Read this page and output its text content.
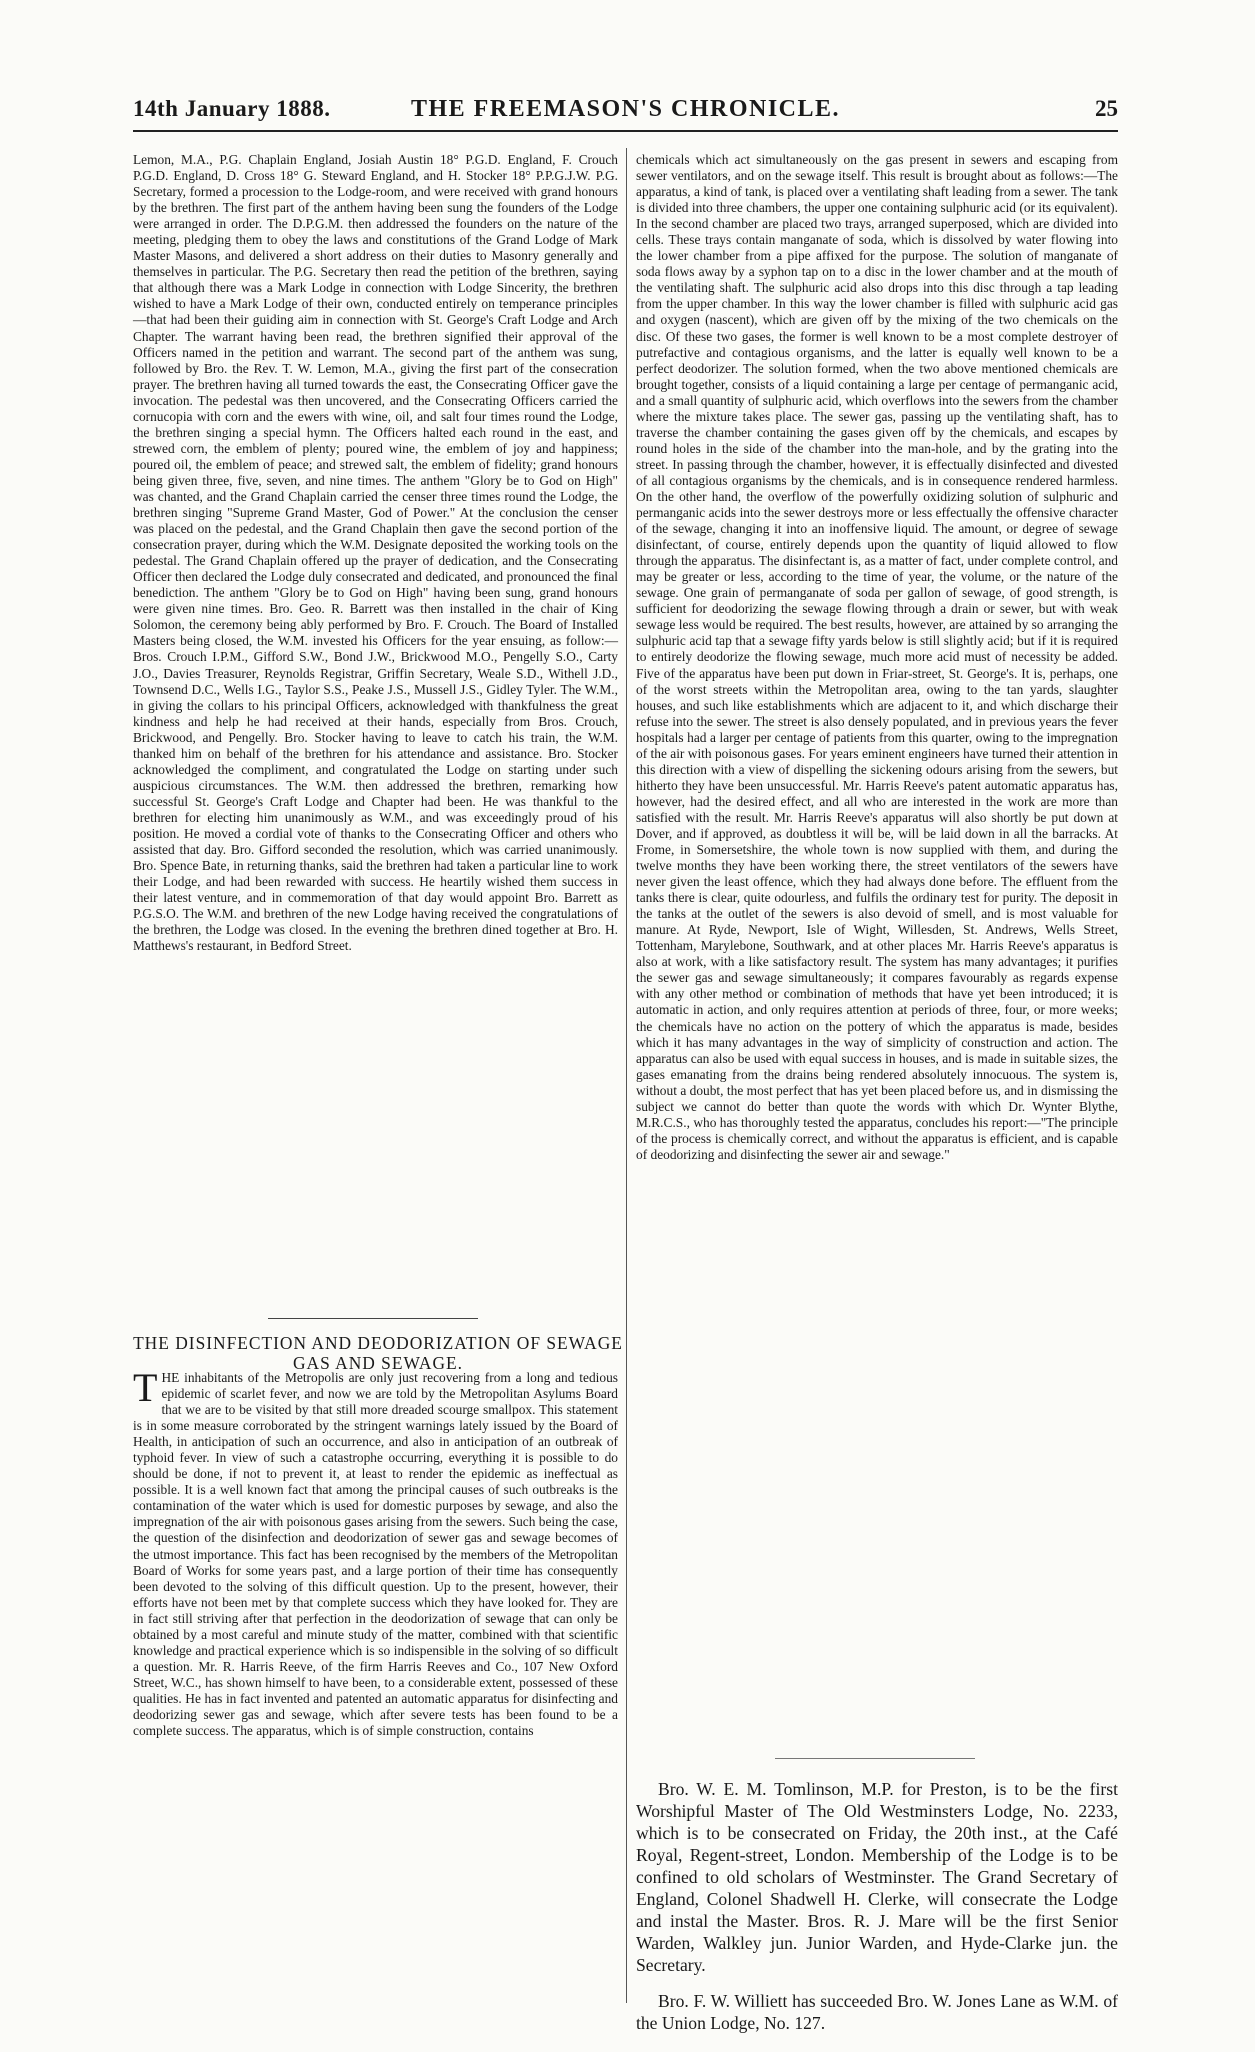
14th January 1888.	THE FREEMASON'S CHRONICLE.	25

Lemon, M.A., P.G. Chaplain England, Josiah Austin 18° P.G.D. England, F. Crouch P.G.D. England, D. Cross 18° G. Steward England, and H. Stocker 18° P.P.G.J.W. P.G. Secretary, formed a procession to the Lodge-room, and were received with grand honours by the brethren. The first part of the anthem having been sung the founders of the Lodge were arranged in order. The D.P.G.M. then addressed the founders on the nature of the meeting, pledging them to obey the laws and constitutions of the Grand Lodge of Mark Master Masons, and delivered a short address on their duties to Masonry generally and themselves in particular. The P.G. Secretary then read the petition of the brethren, saying that although there was a Mark Lodge in connection with Lodge Sincerity, the brethren wished to have a Mark Lodge of their own, conducted entirely on temperance principles—that had been their guiding aim in connection with St. George's Craft Lodge and Arch Chapter. The warrant having been read, the brethren signified their approval of the Officers named in the petition and warrant. The second part of the anthem was sung, followed by Bro. the Rev. T. W. Lemon, M.A., giving the first part of the consecration prayer. The brethren having all turned towards the east, the Consecrating Officer gave the invocation. The pedestal was then uncovered, and the Consecrating Officers carried the cornucopia with corn and the ewers with wine, oil, and salt four times round the Lodge, the brethren singing a special hymn. The Officers halted each round in the east, and strewed corn, the emblem of plenty; poured wine, the emblem of joy and happiness; poured oil, the emblem of peace; and strewed salt, the emblem of fidelity; grand honours being given three, five, seven, and nine times. The anthem "Glory be to God on High" was chanted, and the Grand Chaplain carried the censer three times round the Lodge, the brethren singing "Supreme Grand Master, God of Power." At the conclusion the censer was placed on the pedestal, and the Grand Chaplain then gave the second portion of the consecration prayer, during which the W.M. Designate deposited the working tools on the pedestal. The Grand Chaplain offered up the prayer of dedication, and the Consecrating Officer then declared the Lodge duly consecrated and dedicated, and pronounced the final benediction. The anthem "Glory be to God on High" having been sung, grand honours were given nine times. Bro. Geo. R. Barrett was then installed in the chair of King Solomon, the ceremony being ably performed by Bro. F. Crouch. The Board of Installed Masters being closed, the W.M. invested his Officers for the year ensuing, as follow:—Bros. Crouch I.P.M., Gifford S.W., Bond J.W., Brickwood M.O., Pengelly S.O., Carty J.O., Davies Treasurer, Reynolds Registrar, Griffin Secretary, Weale S.D., Withell J.D., Townsend D.C., Wells I.G., Taylor S.S., Peake J.S., Mussell J.S., Gidley Tyler. The W.M., in giving the collars to his principal Officers, acknowledged with thankfulness the great kindness and help he had received at their hands, especially from Bros. Crouch, Brickwood, and Pengelly. Bro. Stocker having to leave to catch his train, the W.M. thanked him on behalf of the brethren for his attendance and assistance. Bro. Stocker acknowledged the compliment, and congratulated the Lodge on starting under such auspicious circumstances. The W.M. then addressed the brethren, remarking how successful St. George's Craft Lodge and Chapter had been. He was thankful to the brethren for electing him unanimously as W.M., and was exceedingly proud of his position. He moved a cordial vote of thanks to the Consecrating Officer and others who assisted that day. Bro. Gifford seconded the resolution, which was carried unanimously. Bro. Spence Bate, in returning thanks, said the brethren had taken a particular line to work their Lodge, and had been rewarded with success. He heartily wished them success in their latest venture, and in commemoration of that day would appoint Bro. Barrett as P.G.S.O. The W.M. and brethren of the new Lodge having received the congratulations of the brethren, the Lodge was closed. In the evening the brethren dined together at Bro. H. Matthews's restaurant, in Bedford Street.

THE DISINFECTION AND DEODORIZATION OF SEWAGE GAS AND SEWAGE.

THE inhabitants of the Metropolis are only just recovering from a long and tedious epidemic of scarlet fever, and now we are told by the Metropolitan Asylums Board that we are to be visited by that still more dreaded scourge smallpox. This statement is in some measure corroborated by the stringent warnings lately issued by the Board of Health, in anticipation of such an occurrence, and also in anticipation of an outbreak of typhoid fever. In view of such a catastrophe occurring, everything it is possible to do should be done, if not to prevent it, at least to render the epidemic as ineffectual as possible. It is a well known fact that among the principal causes of such outbreaks is the contamination of the water which is used for domestic purposes by sewage, and also the impregnation of the air with poisonous gases arising from the sewers. Such being the case, the question of the disinfection and deodorization of sewer gas and sewage becomes of the utmost importance. This fact has been recognised by the members of the Metropolitan Board of Works for some years past, and a large portion of their time has consequently been devoted to the solving of this difficult question. Up to the present, however, their efforts have not been met by that complete success which they have looked for. They are in fact still striving after that perfection in the deodorization of sewage that can only be obtained by a most careful and minute study of the matter, combined with that scientific knowledge and practical experience which is so indispensible in the solving of so difficult a question. Mr. R. Harris Reeve, of the firm Harris Reeves and Co., 107 New Oxford Street, W.C., has shown himself to have been, to a considerable extent, possessed of these qualities. He has in fact invented and patented an automatic apparatus for disinfecting and deodorizing sewer gas and sewage, which after severe tests has been found to be a complete success. The apparatus, which is of simple construction, contains

chemicals which act simultaneously on the gas present in sewers and escaping from sewer ventilators, and on the sewage itself. This result is brought about as follows:—The apparatus, a kind of tank, is placed over a ventilating shaft leading from a sewer. The tank is divided into three chambers, the upper one containing sulphuric acid (or its equivalent). In the second chamber are placed two trays, arranged superposed, which are divided into cells. These trays contain manganate of soda, which is dissolved by water flowing into the lower chamber from a pipe affixed for the purpose. The solution of manganate of soda flows away by a syphon tap on to a disc in the lower chamber and at the mouth of the ventilating shaft. The sulphuric acid also drops into this disc through a tap leading from the upper chamber. In this way the lower chamber is filled with sulphuric acid gas and oxygen (nascent), which are given off by the mixing of the two chemicals on the disc. Of these two gases, the former is well known to be a most complete destroyer of putrefactive and contagious organisms, and the latter is equally well known to be a perfect deodorizer. The solution formed, when the two above mentioned chemicals are brought together, consists of a liquid containing a large per centage of permanganic acid, and a small quantity of sulphuric acid, which overflows into the sewers from the chamber where the mixture takes place. The sewer gas, passing up the ventilating shaft, has to traverse the chamber containing the gases given off by the chemicals, and escapes by round holes in the side of the chamber into the man-hole, and by the grating into the street. In passing through the chamber, however, it is effectually disinfected and divested of all contagious organisms by the chemicals, and is in consequence rendered harmless. On the other hand, the overflow of the powerfully oxidizing solution of sulphuric and permanganic acids into the sewer destroys more or less effectually the offensive character of the sewage, changing it into an inoffensive liquid. The amount, or degree of sewage disinfectant, of course, entirely depends upon the quantity of liquid allowed to flow through the apparatus. The disinfectant is, as a matter of fact, under complete control, and may be greater or less, according to the time of year, the volume, or the nature of the sewage. One grain of permanganate of soda per gallon of sewage, of good strength, is sufficient for deodorizing the sewage flowing through a drain or sewer, but with weak sewage less would be required. The best results, however, are attained by so arranging the sulphuric acid tap that a sewage fifty yards below is still slightly acid; but if it is required to entirely deodorize the flowing sewage, much more acid must of necessity be added. Five of the apparatus have been put down in Friar-street, St. George's. It is, perhaps, one of the worst streets within the Metropolitan area, owing to the tan yards, slaughter houses, and such like establishments which are adjacent to it, and which discharge their refuse into the sewer. The street is also densely populated, and in previous years the fever hospitals had a larger per centage of patients from this quarter, owing to the impregnation of the air with poisonous gases. For years eminent engineers have turned their attention in this direction with a view of dispelling the sickening odours arising from the sewers, but hitherto they have been unsuccessful. Mr. Harris Reeve's patent automatic apparatus has, however, had the desired effect, and all who are interested in the work are more than satisfied with the result. Mr. Harris Reeve's apparatus will also shortly be put down at Dover, and if approved, as doubtless it will be, will be laid down in all the barracks. At Frome, in Somersetshire, the whole town is now supplied with them, and during the twelve months they have been working there, the street ventilators of the sewers have never given the least offence, which they had always done before. The effluent from the tanks there is clear, quite odourless, and fulfils the ordinary test for purity. The deposit in the tanks at the outlet of the sewers is also devoid of smell, and is most valuable for manure. At Ryde, Newport, Isle of Wight, Willesden, St. Andrews, Wells Street, Tottenham, Marylebone, Southwark, and at other places Mr. Harris Reeve's apparatus is also at work, with a like satisfactory result. The system has many advantages; it purifies the sewer gas and sewage simultaneously; it compares favourably as regards expense with any other method or combination of methods that have yet been introduced; it is automatic in action, and only requires attention at periods of three, four, or more weeks; the chemicals have no action on the pottery of which the apparatus is made, besides which it has many advantages in the way of simplicity of construction and action. The apparatus can also be used with equal success in houses, and is made in suitable sizes, the gases emanating from the drains being rendered absolutely innocuous. The system is, without a doubt, the most perfect that has yet been placed before us, and in dismissing the subject we cannot do better than quote the words with which Dr. Wynter Blythe, M.R.C.S., who has thoroughly tested the apparatus, concludes his report:—"The principle of the process is chemically correct, and without the apparatus is efficient, and is capable of deodorizing and disinfecting the sewer air and sewage."

Bro. W. E. M. Tomlinson, M.P. for Preston, is to be the first Worshipful Master of The Old Westminsters Lodge, No. 2233, which is to be consecrated on Friday, the 20th inst., at the Café Royal, Regent-street, London. Membership of the Lodge is to be confined to old scholars of Westminster. The Grand Secretary of England, Colonel Shadwell H. Clerke, will consecrate the Lodge and instal the Master. Bros. R. J. Mare will be the first Senior Warden, Walkley jun. Junior Warden, and Hyde-Clarke jun. the Secretary.

Bro. F. W. Williett has succeeded Bro. W. Jones Lane as W.M. of the Union Lodge, No. 127.
